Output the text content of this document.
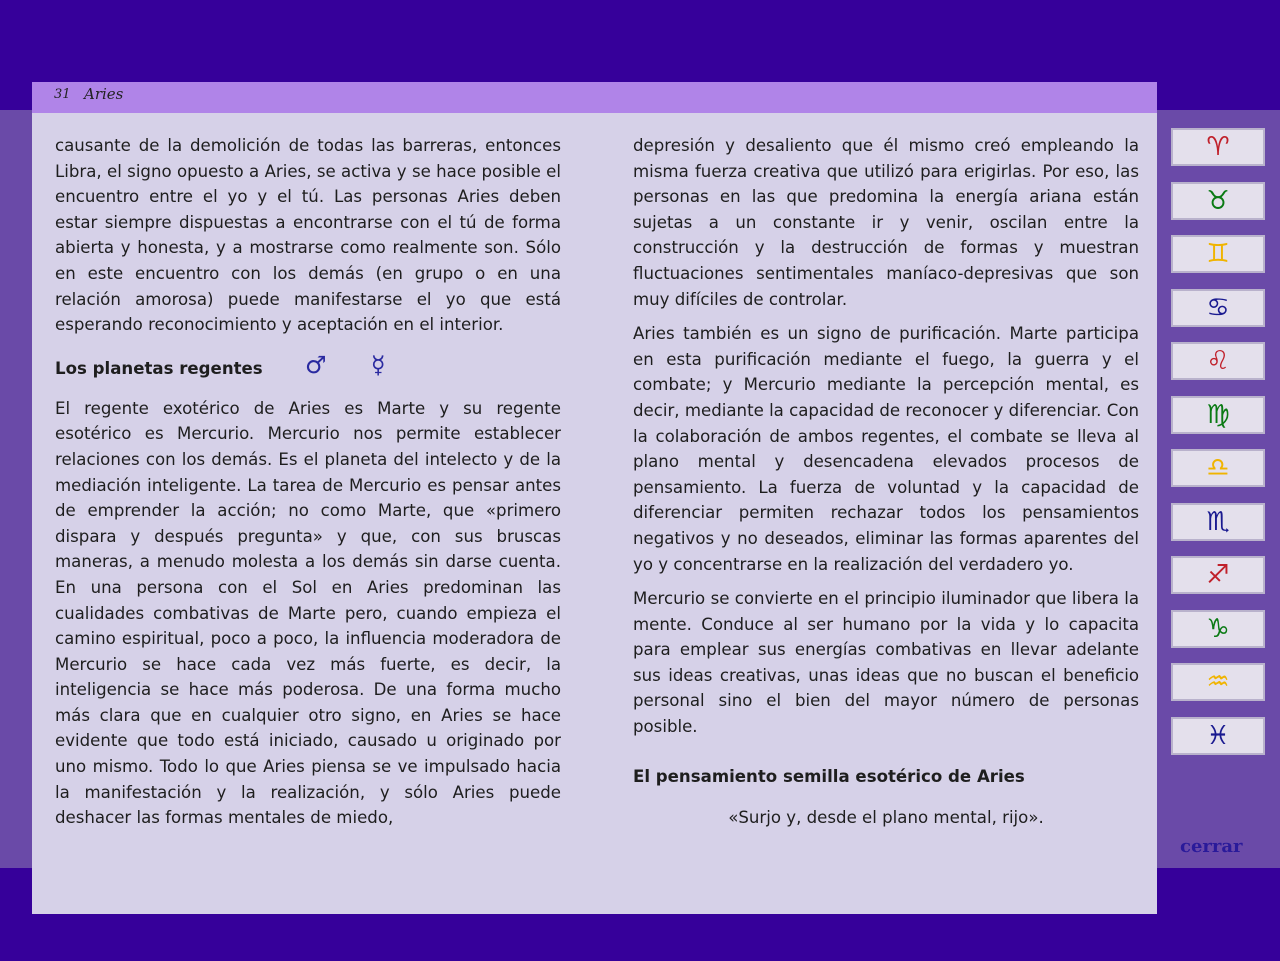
31 Aries

causante de la demolición de todas las barreras, entonces Libra, el signo opuesto a Aries, se activa y se hace posible el encuentro entre el yo y el tú. Las personas Aries deben estar siempre dispuestas a encontrarse con el tú de forma abierta y honesta, y a mostrarse como realmente son. Sólo en este encuentro con los demás (en grupo o en una relación amorosa) puede manifestarse el yo que está esperando reconocimiento y aceptación en el interior.

Los planetas regentes ♂ ☿

El regente exotérico de Aries es Marte y su regente esotérico es Mercurio. Mercurio nos permite establecer relaciones con los demás. Es el planeta del intelecto y de la mediación inteligente. La tarea de Mercurio es pensar antes de emprender la acción; no como Marte, que «primero dispara y después pregunta» y que, con sus bruscas maneras, a menudo molesta a los demás sin darse cuenta. En una persona con el Sol en Aries predominan las cualidades combativas de Marte pero, cuando empieza el camino espiritual, poco a poco, la influencia moderadora de Mercurio se hace cada vez más fuerte, es decir, la inteligencia se hace más poderosa. De una forma mucho más clara que en cualquier otro signo, en Aries se hace evidente que todo está iniciado, causado u originado por uno mismo. Todo lo que Aries piensa se ve impulsado hacia la manifestación y la realización, y sólo Aries puede deshacer las formas mentales de miedo,

depresión y desaliento que él mismo creó empleando la misma fuerza creativa que utilizó para erigirlas. Por eso, las personas en las que predomina la energía ariana están sujetas a un constante ir y venir, oscilan entre la construcción y la destrucción de formas y muestran fluctuaciones sentimentales maníaco-depresivas que son muy difíciles de controlar.

Aries también es un signo de purificación. Marte participa en esta purificación mediante el fuego, la guerra y el combate; y Mercurio mediante la percepción mental, es decir, mediante la capacidad de reconocer y diferenciar. Con la colaboración de ambos regentes, el combate se lleva al plano mental y desencadena elevados procesos de pensamiento. La fuerza de voluntad y la capacidad de diferenciar permiten rechazar todos los pensamientos negativos y no deseados, eliminar las formas aparentes del yo y concentrarse en la realización del verdadero yo.

Mercurio se convierte en el principio iluminador que libera la mente. Conduce al ser humano por la vida y lo capacita para emplear sus energías combativas en llevar adelante sus ideas creativas, unas ideas que no buscan el beneficio personal sino el bien del mayor número de personas posible.

El pensamiento semilla esotérico de Aries
«Surjo y, desde el plano mental, rijo».
♈
♉
♊
♋
♌
♍
♎
♏
♐
♑
♒
♓
cerrar
